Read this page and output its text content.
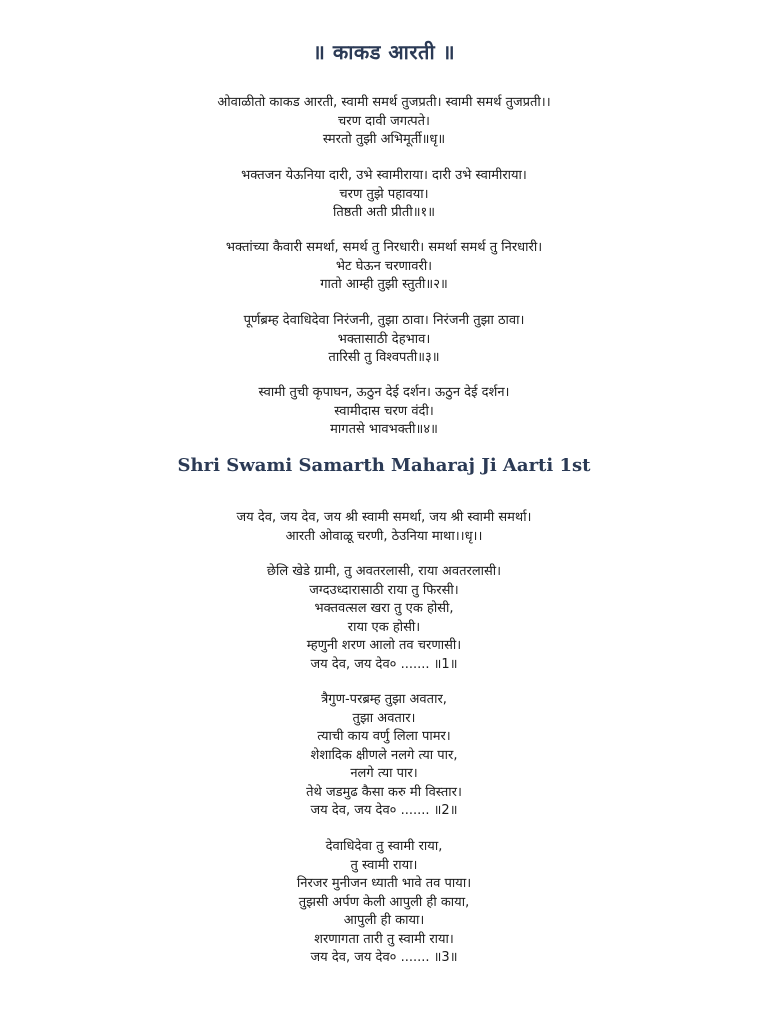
॥ काकड आरती ॥
ओवाळीतो काकड आरती, स्वामी समर्थ तुजप्रती। स्वामी समर्थ तुजप्रती।।
चरण दावी जगत्पते।
स्मरतो तुझी अभिमूर्ती॥धृ॥
भक्तजन येऊनिया दारी, उभे स्वामीराया। दारी उभे स्वामीराया।
चरण तुझे पहावया।
तिष्ठती अती प्रीती॥१॥
भक्तांच्या कैवारी समर्था, समर्थ तु निरधारी। समर्था समर्थ तु निरधारी।
भेट घेऊन चरणावरी।
गातो आम्ही तुझी स्तुती॥२॥
पूर्णब्रम्ह देवाधिदेवा निरंजनी, तुझा ठावा। निरंजनी तुझा ठावा।
भक्तासाठी देहभाव।
तारिसी तु विश्वपती॥३॥
स्वामी तुची कृपाघन, ऊठुन देई दर्शन। ऊठुन देई दर्शन।
स्वामीदास चरण वंदी।
मागतसे भावभक्ती॥४॥
Shri Swami Samarth Maharaj Ji Aarti 1st
जय देव, जय देव, जय श्री स्वामी समर्था, जय श्री स्वामी समर्था।
आरती ओवाळू चरणी, ठेउनिया माथा।।धृ।।
छेलि खेडे ग्रामी, तु अवतरलासी, राया अवतरलासी।
जग्दउध्दारासाठी राया तु फिरसी।
भक्तवत्सल खरा तु एक होसी,
राया एक होसी।
म्हणुनी शरण आलो तव चरणासी।
जय देव, जय देव० ....... ॥1॥
त्रैगुण-परब्रम्ह तुझा अवतार,
तुझा अवतार।
त्याची काय वर्णु लिला पामर।
शेशादिक क्षीणले नलगे त्या पार,
नलगे त्या पार।
तेथे जडमुढ कैसा करु मी विस्तार।
जय देव, जय देव० ....... ॥2॥
देवाधिदेवा तु स्वामी राया,
तु स्वामी राया।
निरजर मुनीजन ध्याती भावे तव पाया।
तुझसी अर्पण केली आपुली ही काया,
आपुली ही काया।
शरणागता तारी तु स्वामी राया।
जय देव, जय देव० ....... ॥3॥
